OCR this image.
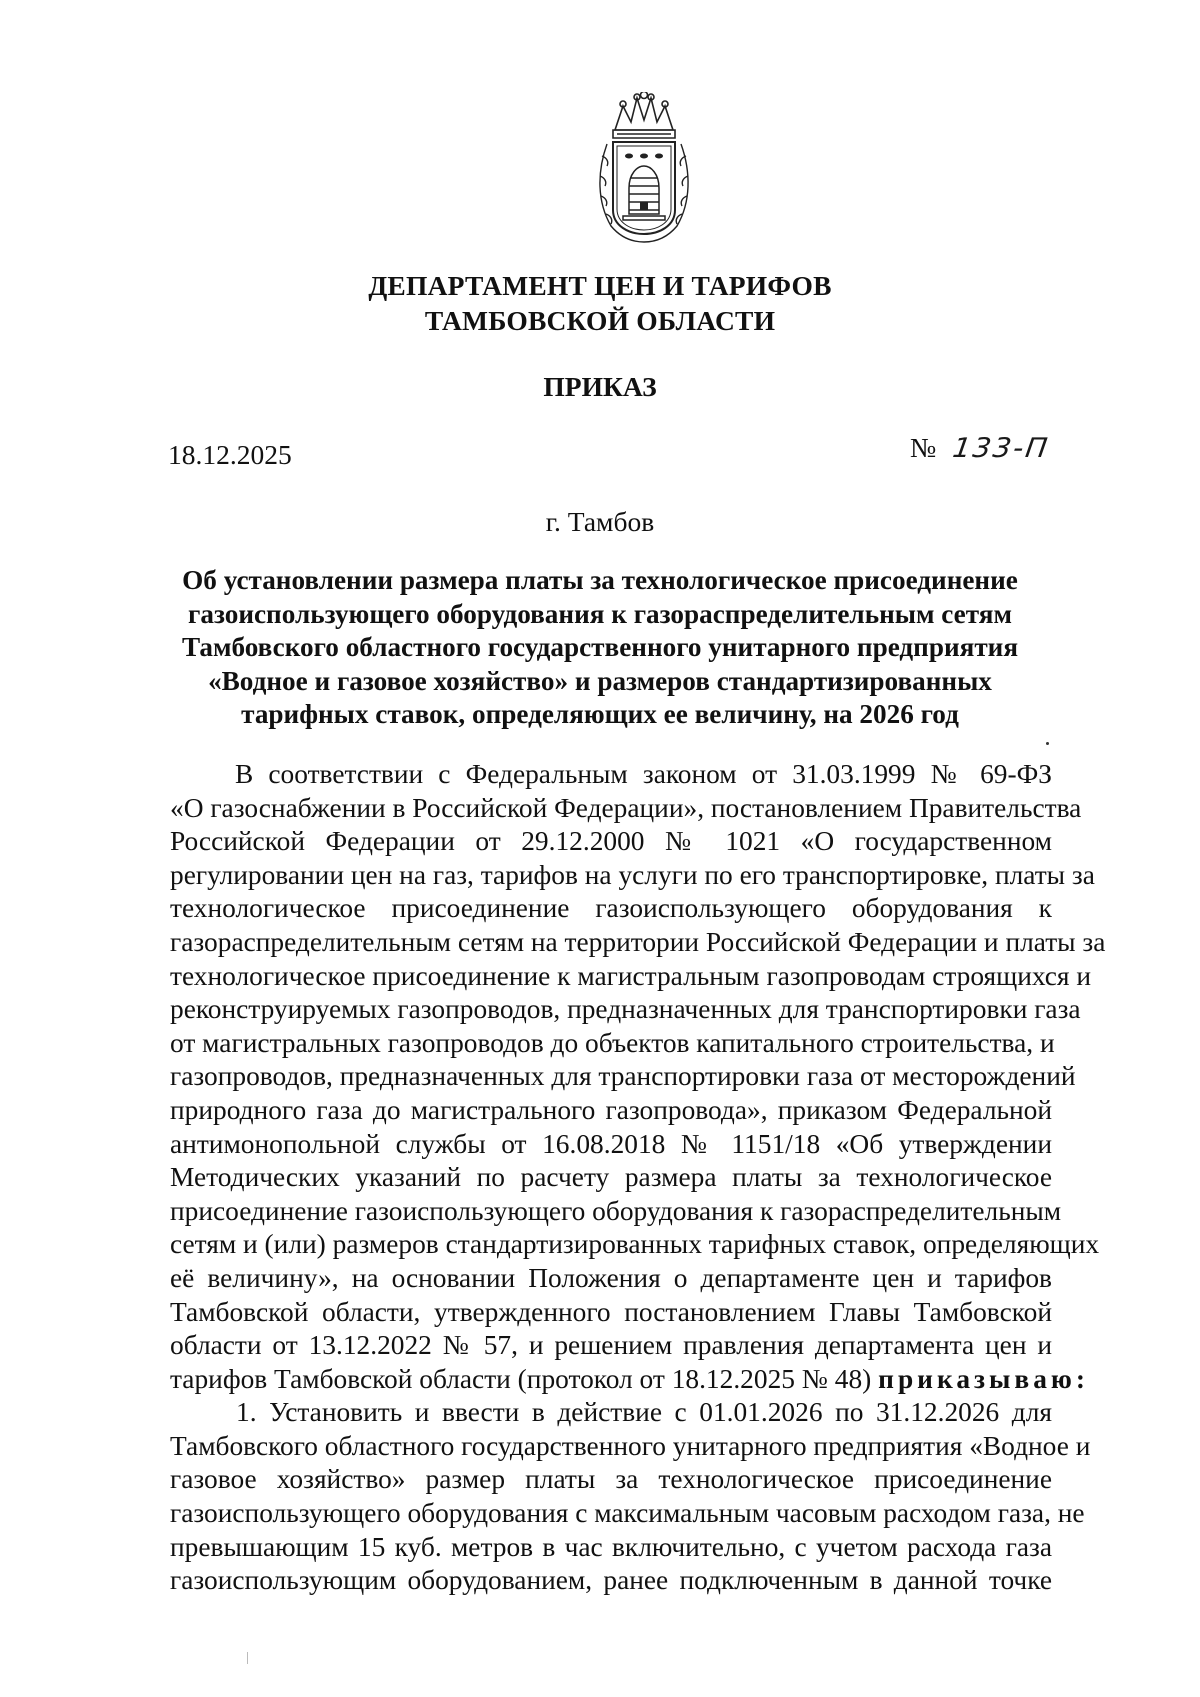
ДЕПАРТАМЕНТ ЦЕН И ТАРИФОВ
ТАМБОВСКОЙ ОБЛАСТИ
ПРИКАЗ
18.12.2025	№ 133-П
г. Тамбов
Об установлении размера платы за технологическое присоединение
газоиспользующего оборудования к газораспределительным сетям
Тамбовского областного государственного унитарного предприятия
«Водное и газовое хозяйство» и размеров стандартизированных
тарифных ставок, определяющих ее величину, на 2026 год
В соответствии с Федеральным законом от 31.03.1999 № 69-ФЗ
«О газоснабжении в Российской Федерации», постановлением Правительства
Российской Федерации от 29.12.2000 № 1021 «О государственном
регулировании цен на газ, тарифов на услуги по его транспортировке, платы за
технологическое присоединение газоиспользующего оборудования к
газораспределительным сетям на территории Российской Федерации и платы за
технологическое присоединение к магистральным газопроводам строящихся и
реконструируемых газопроводов, предназначенных для транспортировки газа
от магистральных газопроводов до объектов капитального строительства, и
газопроводов, предназначенных для транспортировки газа от месторождений
природного газа до магистрального газопровода», приказом Федеральной
антимонопольной службы от 16.08.2018 № 1151/18 «Об утверждении
Методических указаний по расчету размера платы за технологическое
присоединение газоиспользующего оборудования к газораспределительным
сетям и (или) размеров стандартизированных тарифных ставок, определяющих
её величину», на основании Положения о департаменте цен и тарифов
Тамбовской области, утвержденного постановлением Главы Тамбовской
области от 13.12.2022 № 57, и решением правления департамента цен и
тарифов Тамбовской области (протокол от 18.12.2025 № 48) приказываю:
1. Установить и ввести в действие с 01.01.2026 по 31.12.2026 для
Тамбовского областного государственного унитарного предприятия «Водное и
газовое хозяйство» размер платы за технологическое присоединение
газоиспользующего оборудования с максимальным часовым расходом газа, не
превышающим 15 куб. метров в час включительно, с учетом расхода газа
газоиспользующим оборудованием, ранее подключенным в данной точке
